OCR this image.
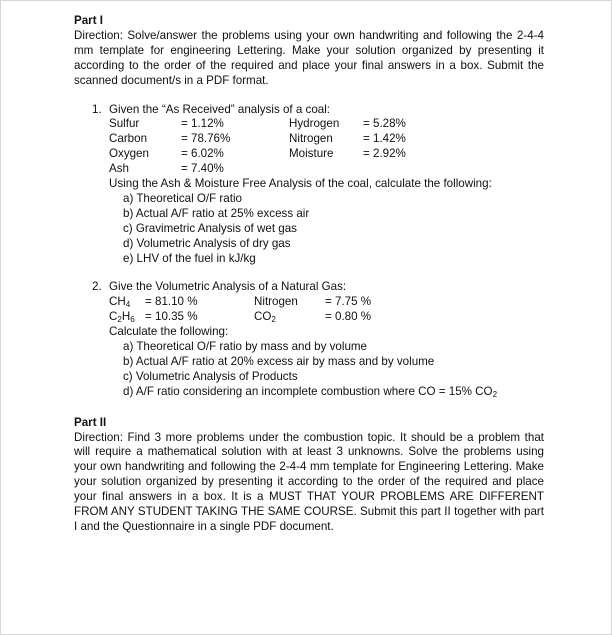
Part I
Direction: Solve/answer the problems using your own handwriting and following the 2-4-4 mm template for engineering Lettering. Make your solution organized by presenting it according to the order of the required and place your final answers in a box. Submit the scanned document/s in a PDF format.
1. Given the “As Received” analysis of a coal:
Sulfur	= 1.12%	Hydrogen = 5.28%
Carbon	= 78.76%	Nitrogen	= 1.42%
Oxygen	= 6.02%	Moisture	= 2.92%
Ash	= 7.40%
Using the Ash & Moisture Free Analysis of the coal, calculate the following:
a) Theoretical O/F ratio
b) Actual A/F ratio at 25% excess air
c) Gravimetric Analysis of wet gas
d) Volumetric Analysis of dry gas
e) LHV of the fuel in kJ/kg
2. Give the Volumetric Analysis of a Natural Gas:
$CH_4 = 81.10$ %	Nitrogen = 7.75 %
$C_2H_6 = 10.35$ %	$CO_2$	= 0.80 %
Calculate the following:
a) Theoretical O/F ratio by mass and by volume
b) Actual A/F ratio at 20% excess air by mass and by volume
c) Volumetric Analysis of Products
d) A/F ratio considering an incomplete combustion where CO = 15% $CO_2$
Part II
Direction: Find 3 more problems under the combustion topic. It should be a problem that will require a mathematical solution with at least 3 unknowns. Solve the problems using your own handwriting and following the 2-4-4 mm template for Engineering Lettering. Make your solution organized by presenting it according to the order of the required and place your final answers in a box. It is a MUST THAT YOUR PROBLEMS ARE DIFFERENT FROM ANY STUDENT TAKING THE SAME COURSE. Submit this part II together with part I and the Questionnaire in a single PDF document.
